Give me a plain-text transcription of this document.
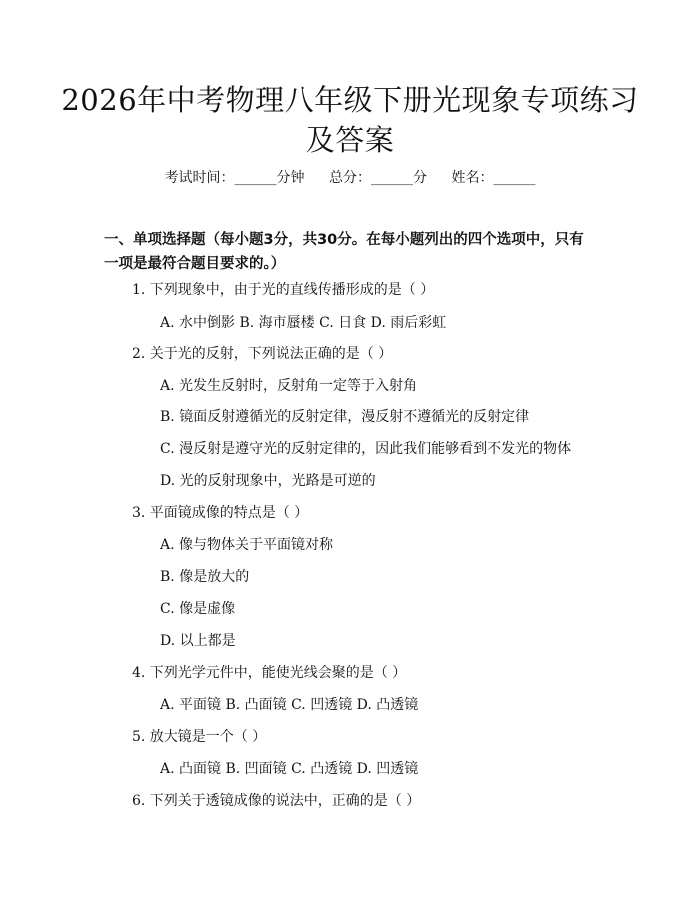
2026年中考物理八年级下册光现象专项练习及答案
考试时间：______分钟 总分：______分 姓名：______
一、单项选择题（每小题3分，共30分。在每小题列出的四个选项中，只有一项是最符合题目要求的。）
1. 下列现象中，由于光的直线传播形成的是（ ）
A. 水中倒影 B. 海市蜃楼 C. 日食 D. 雨后彩虹
2. 关于光的反射，下列说法正确的是（ ）
A. 光发生反射时，反射角一定等于入射角
B. 镜面反射遵循光的反射定律，漫反射不遵循光的反射定律
C. 漫反射是遵守光的反射定律的，因此我们能够看到不发光的物体
D. 光的反射现象中，光路是可逆的
3. 平面镜成像的特点是（ ）
A. 像与物体关于平面镜对称
B. 像是放大的
C. 像是虚像
D. 以上都是
4. 下列光学元件中，能使光线会聚的是（ ）
A. 平面镜 B. 凸面镜 C. 凹透镜 D. 凸透镜
5. 放大镜是一个（ ）
A. 凸面镜 B. 凹面镜 C. 凸透镜 D. 凹透镜
6. 下列关于透镜成像的说法中，正确的是（ ）
